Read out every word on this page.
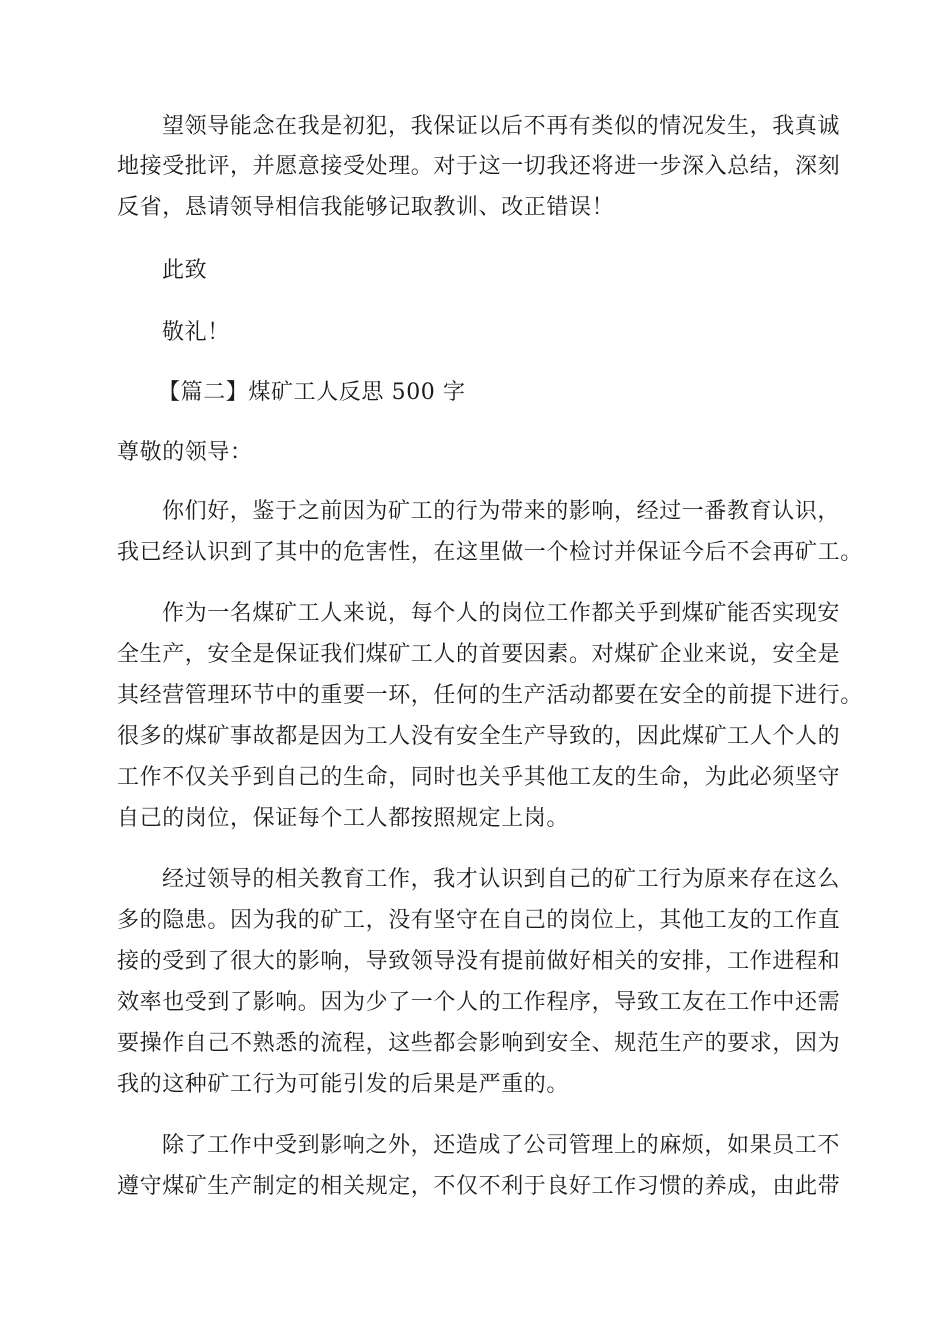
望领导能念在我是初犯，我保证以后不再有类似的情况发生，我真诚
地接受批评，并愿意接受处理。对于这一切我还将进一步深入总结，深刻
反省，恳请领导相信我能够记取教训、改正错误！
此致
敬礼！
【篇二】煤矿工人反思 500 字
尊敬的领导：
你们好，鉴于之前因为矿工的行为带来的影响，经过一番教育认识，
我已经认识到了其中的危害性，在这里做一个检讨并保证今后不会再矿工。
作为一名煤矿工人来说，每个人的岗位工作都关乎到煤矿能否实现安
全生产，安全是保证我们煤矿工人的首要因素。对煤矿企业来说，安全是
其经营管理环节中的重要一环，任何的生产活动都要在安全的前提下进行。
很多的煤矿事故都是因为工人没有安全生产导致的，因此煤矿工人个人的
工作不仅关乎到自己的生命，同时也关乎其他工友的生命，为此必须坚守
自己的岗位，保证每个工人都按照规定上岗。
经过领导的相关教育工作，我才认识到自己的矿工行为原来存在这么
多的隐患。因为我的矿工，没有坚守在自己的岗位上，其他工友的工作直
接的受到了很大的影响，导致领导没有提前做好相关的安排，工作进程和
效率也受到了影响。因为少了一个人的工作程序，导致工友在工作中还需
要操作自己不熟悉的流程，这些都会影响到安全、规范生产的要求，因为
我的这种矿工行为可能引发的后果是严重的。
除了工作中受到影响之外，还造成了公司管理上的麻烦，如果员工不
遵守煤矿生产制定的相关规定，不仅不利于良好工作习惯的养成，由此带
